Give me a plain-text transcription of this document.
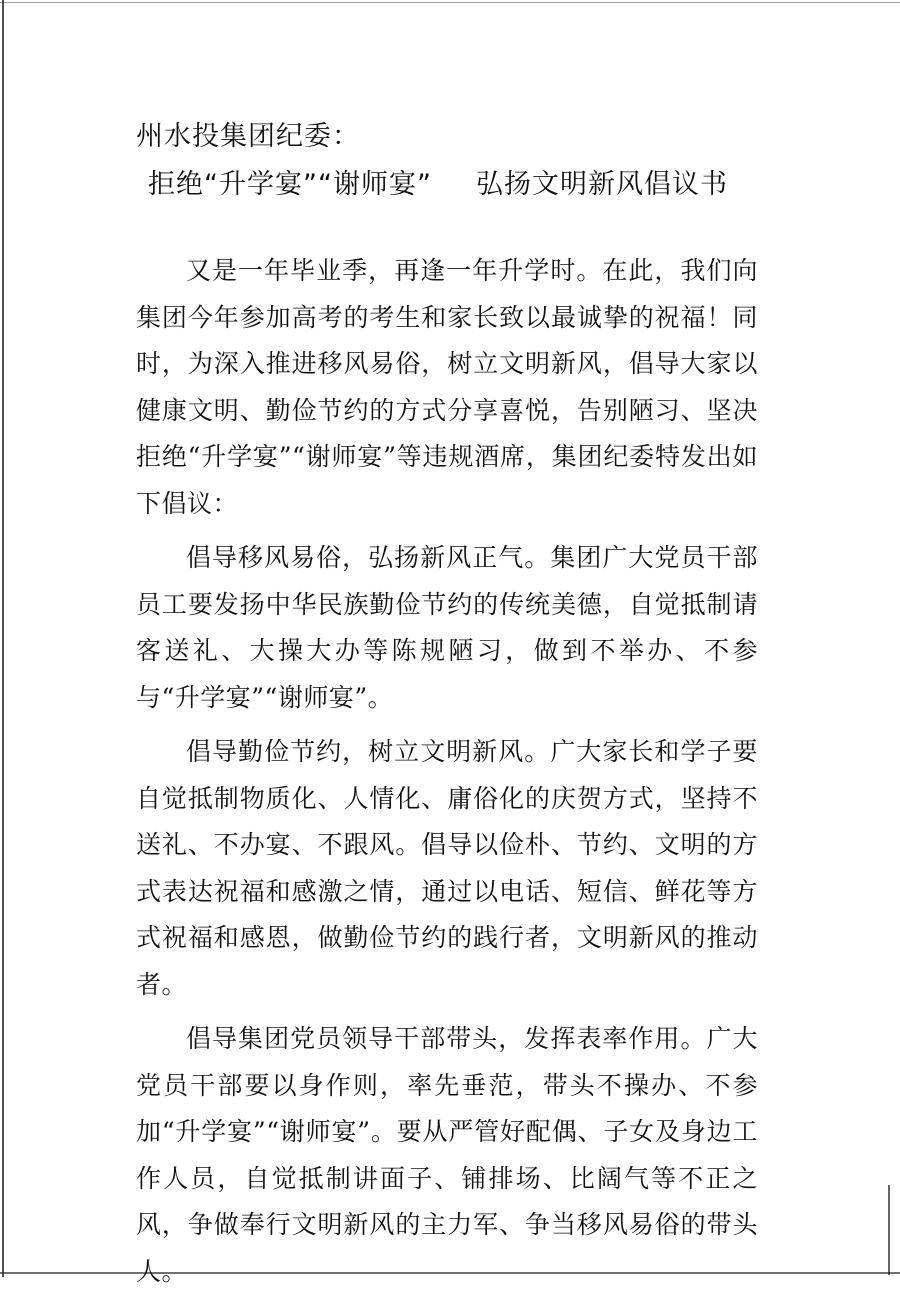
州水投集团纪委：
拒绝“升学宴”“谢师宴” 弘扬文明新风倡议书

又是一年毕业季，再逢一年升学时。在此，我们向集团今年参加高考的考生和家长致以最诚挚的祝福！同时，为深入推进移风易俗，树立文明新风，倡导大家以健康文明、勤俭节约的方式分享喜悦，告别陋习、坚决拒绝“升学宴”“谢师宴”等违规酒席，集团纪委特发出如下倡议：

倡导移风易俗，弘扬新风正气。集团广大党员干部员工要发扬中华民族勤俭节约的传统美德，自觉抵制请客送礼、大操大办等陈规陋习，做到不举办、不参与“升学宴”“谢师宴”。

倡导勤俭节约，树立文明新风。广大家长和学子要自觉抵制物质化、人情化、庸俗化的庆贺方式，坚持不送礼、不办宴、不跟风。倡导以俭朴、节约、文明的方式表达祝福和感激之情，通过以电话、短信、鲜花等方式祝福和感恩，做勤俭节约的践行者，文明新风的推动者。

倡导集团党员领导干部带头，发挥表率作用。广大党员干部要以身作则，率先垂范，带头不操办、不参加“升学宴”“谢师宴”。要从严管好配偶、子女及身边工作人员，自觉抵制讲面子、铺排场、比阔气等不正之风，争做奉行文明新风的主力军、争当移风易俗的带头人。
